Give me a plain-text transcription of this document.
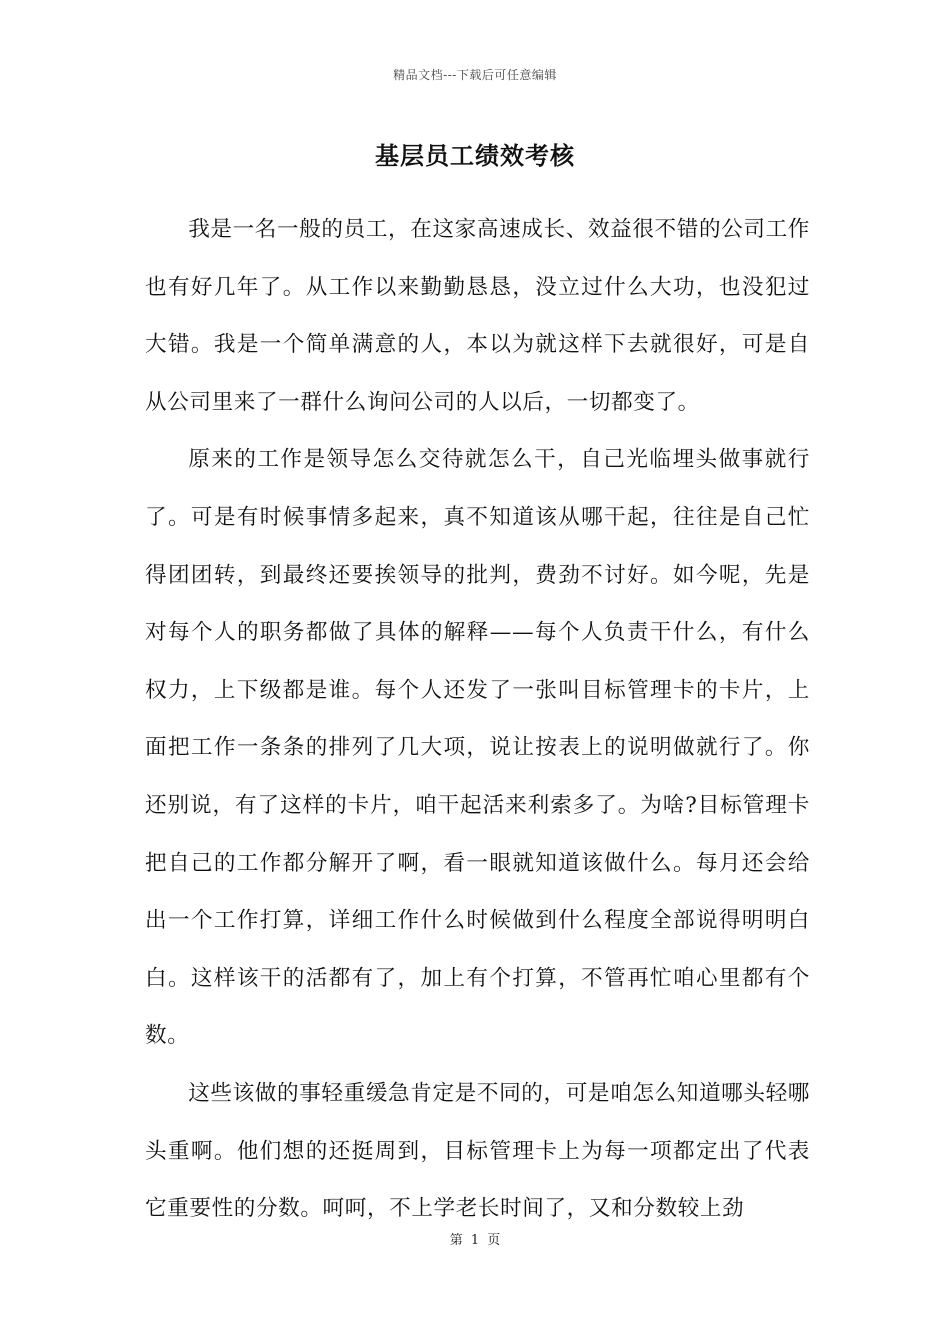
精品文档---下载后可任意编辑
基层员工绩效考核

我是一名一般的员工，在这家高速成长、效益很不错的公司工作也有好几年了。从工作以来勤勤恳恳，没立过什么大功，也没犯过大错。我是一个简单满意的人，本以为就这样下去就很好，可是自从公司里来了一群什么询问公司的人以后，一切都变了。

原来的工作是领导怎么交待就怎么干，自己光临埋头做事就行了。可是有时候事情多起来，真不知道该从哪干起，往往是自己忙得团团转，到最终还要挨领导的批判，费劲不讨好。如今呢，先是对每个人的职务都做了具体的解释——每个人负责干什么，有什么权力，上下级都是谁。每个人还发了一张叫目标管理卡的卡片，上面把工作一条条的排列了几大项，说让按表上的说明做就行了。你还别说，有了这样的卡片，咱干起活来利索多了。为啥?目标管理卡把自己的工作都分解开了啊，看一眼就知道该做什么。每月还会给出一个工作打算，详细工作什么时候做到什么程度全部说得明明白白。这样该干的活都有了，加上有个打算，不管再忙咱心里都有个数。

这些该做的事轻重缓急肯定是不同的，可是咱怎么知道哪头轻哪头重啊。他们想的还挺周到，目标管理卡上为每一项都定出了代表它重要性的分数。呵呵，不上学老长时间了，又和分数较上劲

第 1 页
